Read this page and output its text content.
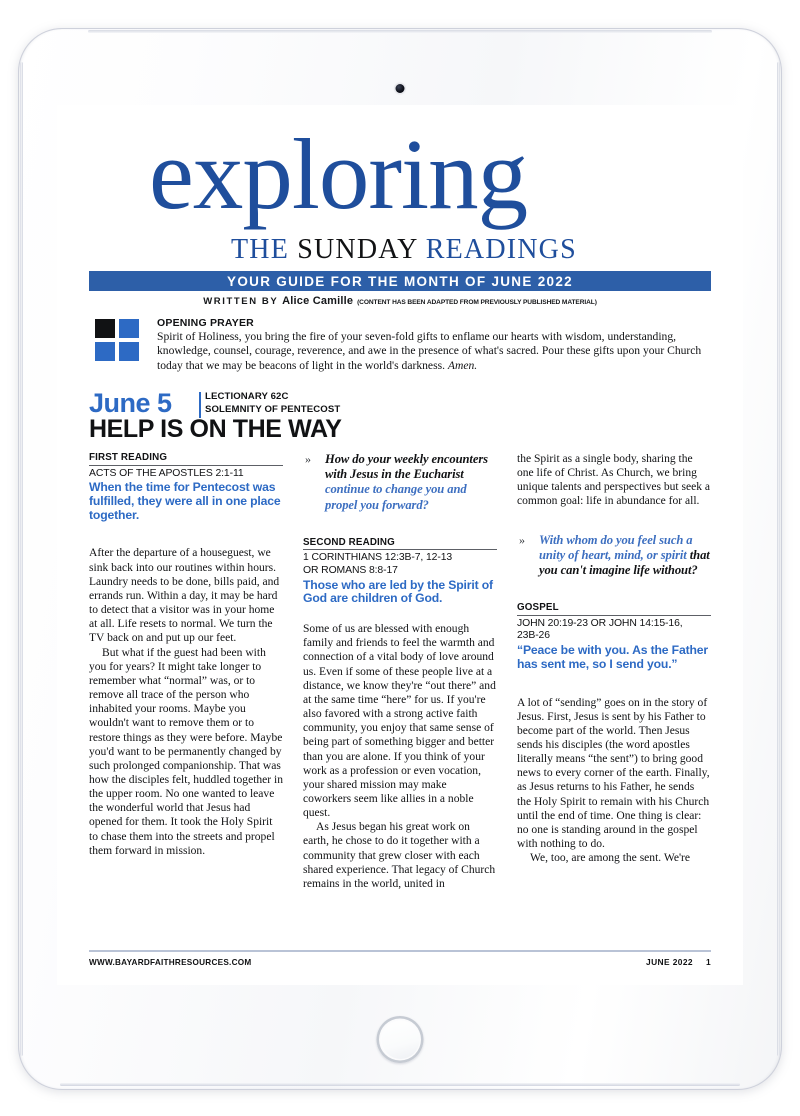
exploring
THE SUNDAY READINGS
YOUR GUIDE FOR THE MONTH OF JUNE 2022
WRITTEN BY Alice Camille (CONTENT HAS BEEN ADAPTED FROM PREVIOUSLY PUBLISHED MATERIAL)
OPENING PRAYER
Spirit of Holiness, you bring the fire of your seven-fold gifts to enflame our hearts with wisdom, understanding, knowledge, counsel, courage, reverence, and awe in the presence of what's sacred. Pour these gifts upon your Church today that we may be beacons of light in the world's darkness. Amen.
June 5	LECTIONARY 62C
SOLEMNITY OF PENTECOST
HELP IS ON THE WAY
FIRST READING
ACTS OF THE APOSTLES 2:1-11
When the time for Pentecost was fulfilled, they were all in one place together.

After the departure of a houseguest, we sink back into our routines within hours. Laundry needs to be done, bills paid, and errands run. Within a day, it may be hard to detect that a visitor was in your home at all. Life resets to normal. We turn the TV back on and put up our feet.

But what if the guest had been with you for years? It might take longer to remember what “normal” was, or to remove all trace of the person who inhabited your rooms. Maybe you wouldn't want to remove them or to restore things as they were before. Maybe you'd want to be permanently changed by such prolonged companionship. That was how the disciples felt, huddled together in the upper room. No one wanted to leave the wonderful world that Jesus had opened for them. It took the Holy Spirit to chase them into the streets and propel them forward in mission.

» How do your weekly encounters with Jesus in the Eucharist continue to change you and propel you forward?
SECOND READING
1 CORINTHIANS 12:3B-7, 12-13
OR ROMANS 8:8-17
Those who are led by the Spirit of God are children of God.

Some of us are blessed with enough family and friends to feel the warmth and connection of a vital body of love around us. Even if some of these people live at a distance, we know they're “out there” and at the same time “here” for us. If you're also favored with a strong active faith community, you enjoy that same sense of being part of something bigger and better than you are alone. If you think of your work as a profession or even vocation, your shared mission may make coworkers seem like allies in a noble quest.

As Jesus began his great work on earth, he chose to do it together with a community that grew closer with each shared experience. That legacy of Church remains in the world, united in

the Spirit as a single body, sharing the one life of Christ. As Church, we bring unique talents and perspectives but seek a common goal: life in abundance for all.

» With whom do you feel such a unity of heart, mind, or spirit that you can't imagine life without?
GOSPEL
JOHN 20:19-23 OR JOHN 14:15-16,
23B-26
“Peace be with you. As the Father has sent me, so I send you.”

A lot of “sending” goes on in the story of Jesus. First, Jesus is sent by his Father to become part of the world. Then Jesus sends his disciples (the word apostles literally means “the sent”) to bring good news to every corner of the earth. Finally, as Jesus returns to his Father, he sends the Holy Spirit to remain with his Church until the end of time. One thing is clear: no one is standing around in the gospel with nothing to do.

We, too, are among the sent. We're

WWW.BAYARDFAITHRESOURCES.COM	JUNE 2022 1
